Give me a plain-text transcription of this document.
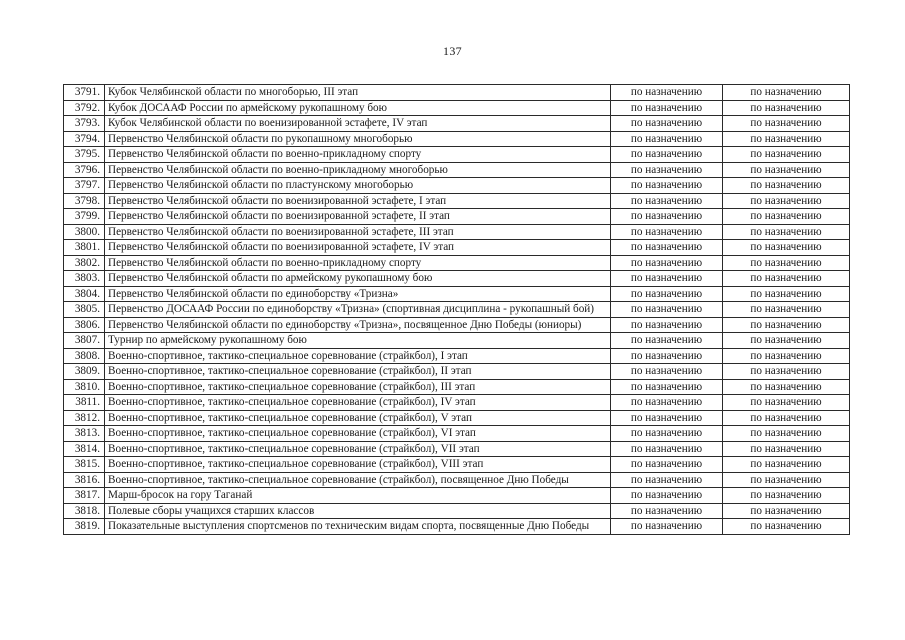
137
3791.	Кубок Челябинской области по многоборью, III этап	по назначению	по назначению
3792.	Кубок ДОСААФ России по армейскому рукопашному бою	по назначению	по назначению
3793.	Кубок Челябинской области по военизированной эстафете, IV этап	по назначению	по назначению
3794.	Первенство Челябинской области по рукопашному многоборью	по назначению	по назначению
3795.	Первенство Челябинской области по военно-прикладному спорту	по назначению	по назначению
3796.	Первенство Челябинской области по военно-прикладному многоборью	по назначению	по назначению
3797.	Первенство Челябинской области по пластунскому многоборью	по назначению	по назначению
3798.	Первенство Челябинской области по военизированной эстафете, I этап	по назначению	по назначению
3799.	Первенство Челябинской области по военизированной эстафете, II этап	по назначению	по назначению
3800.	Первенство Челябинской области по военизированной эстафете, III этап	по назначению	по назначению
3801.	Первенство Челябинской области по военизированной эстафете, IV этап	по назначению	по назначению
3802.	Первенство Челябинской области по военно-прикладному спорту	по назначению	по назначению
3803.	Первенство Челябинской области по армейскому рукопашному бою	по назначению	по назначению
3804.	Первенство Челябинской области по единоборству «Тризна»	по назначению	по назначению
3805.	Первенство ДОСААФ России по единоборству «Тризна» (спортивная дисциплина - рукопашный бой)	по назначению	по назначению
3806.	Первенство Челябинской области по единоборству «Тризна», посвященное Дню Победы (юниоры)	по назначению	по назначению
3807.	Турнир по армейскому рукопашному бою	по назначению	по назначению
3808.	Военно-спортивное, тактико-специальное соревнование (страйкбол), I этап	по назначению	по назначению
3809.	Военно-спортивное, тактико-специальное соревнование (страйкбол), II этап	по назначению	по назначению
3810.	Военно-спортивное, тактико-специальное соревнование (страйкбол), III этап	по назначению	по назначению
3811.	Военно-спортивное, тактико-специальное соревнование (страйкбол), IV этап	по назначению	по назначению
3812.	Военно-спортивное, тактико-специальное соревнование (страйкбол), V этап	по назначению	по назначению
3813.	Военно-спортивное, тактико-специальное соревнование (страйкбол), VI этап	по назначению	по назначению
3814.	Военно-спортивное, тактико-специальное соревнование (страйкбол), VII этап	по назначению	по назначению
3815.	Военно-спортивное, тактико-специальное соревнование (страйкбол), VIII этап	по назначению	по назначению
3816.	Военно-спортивное, тактико-специальное соревнование (страйкбол), посвященное Дню Победы	по назначению	по назначению
3817.	Марш-бросок на гору Таганай	по назначению	по назначению
3818.	Полевые сборы учащихся старших классов	по назначению	по назначению
3819.	Показательные выступления спортсменов по техническим видам спорта, посвященные Дню Победы	по назначению	по назначению
